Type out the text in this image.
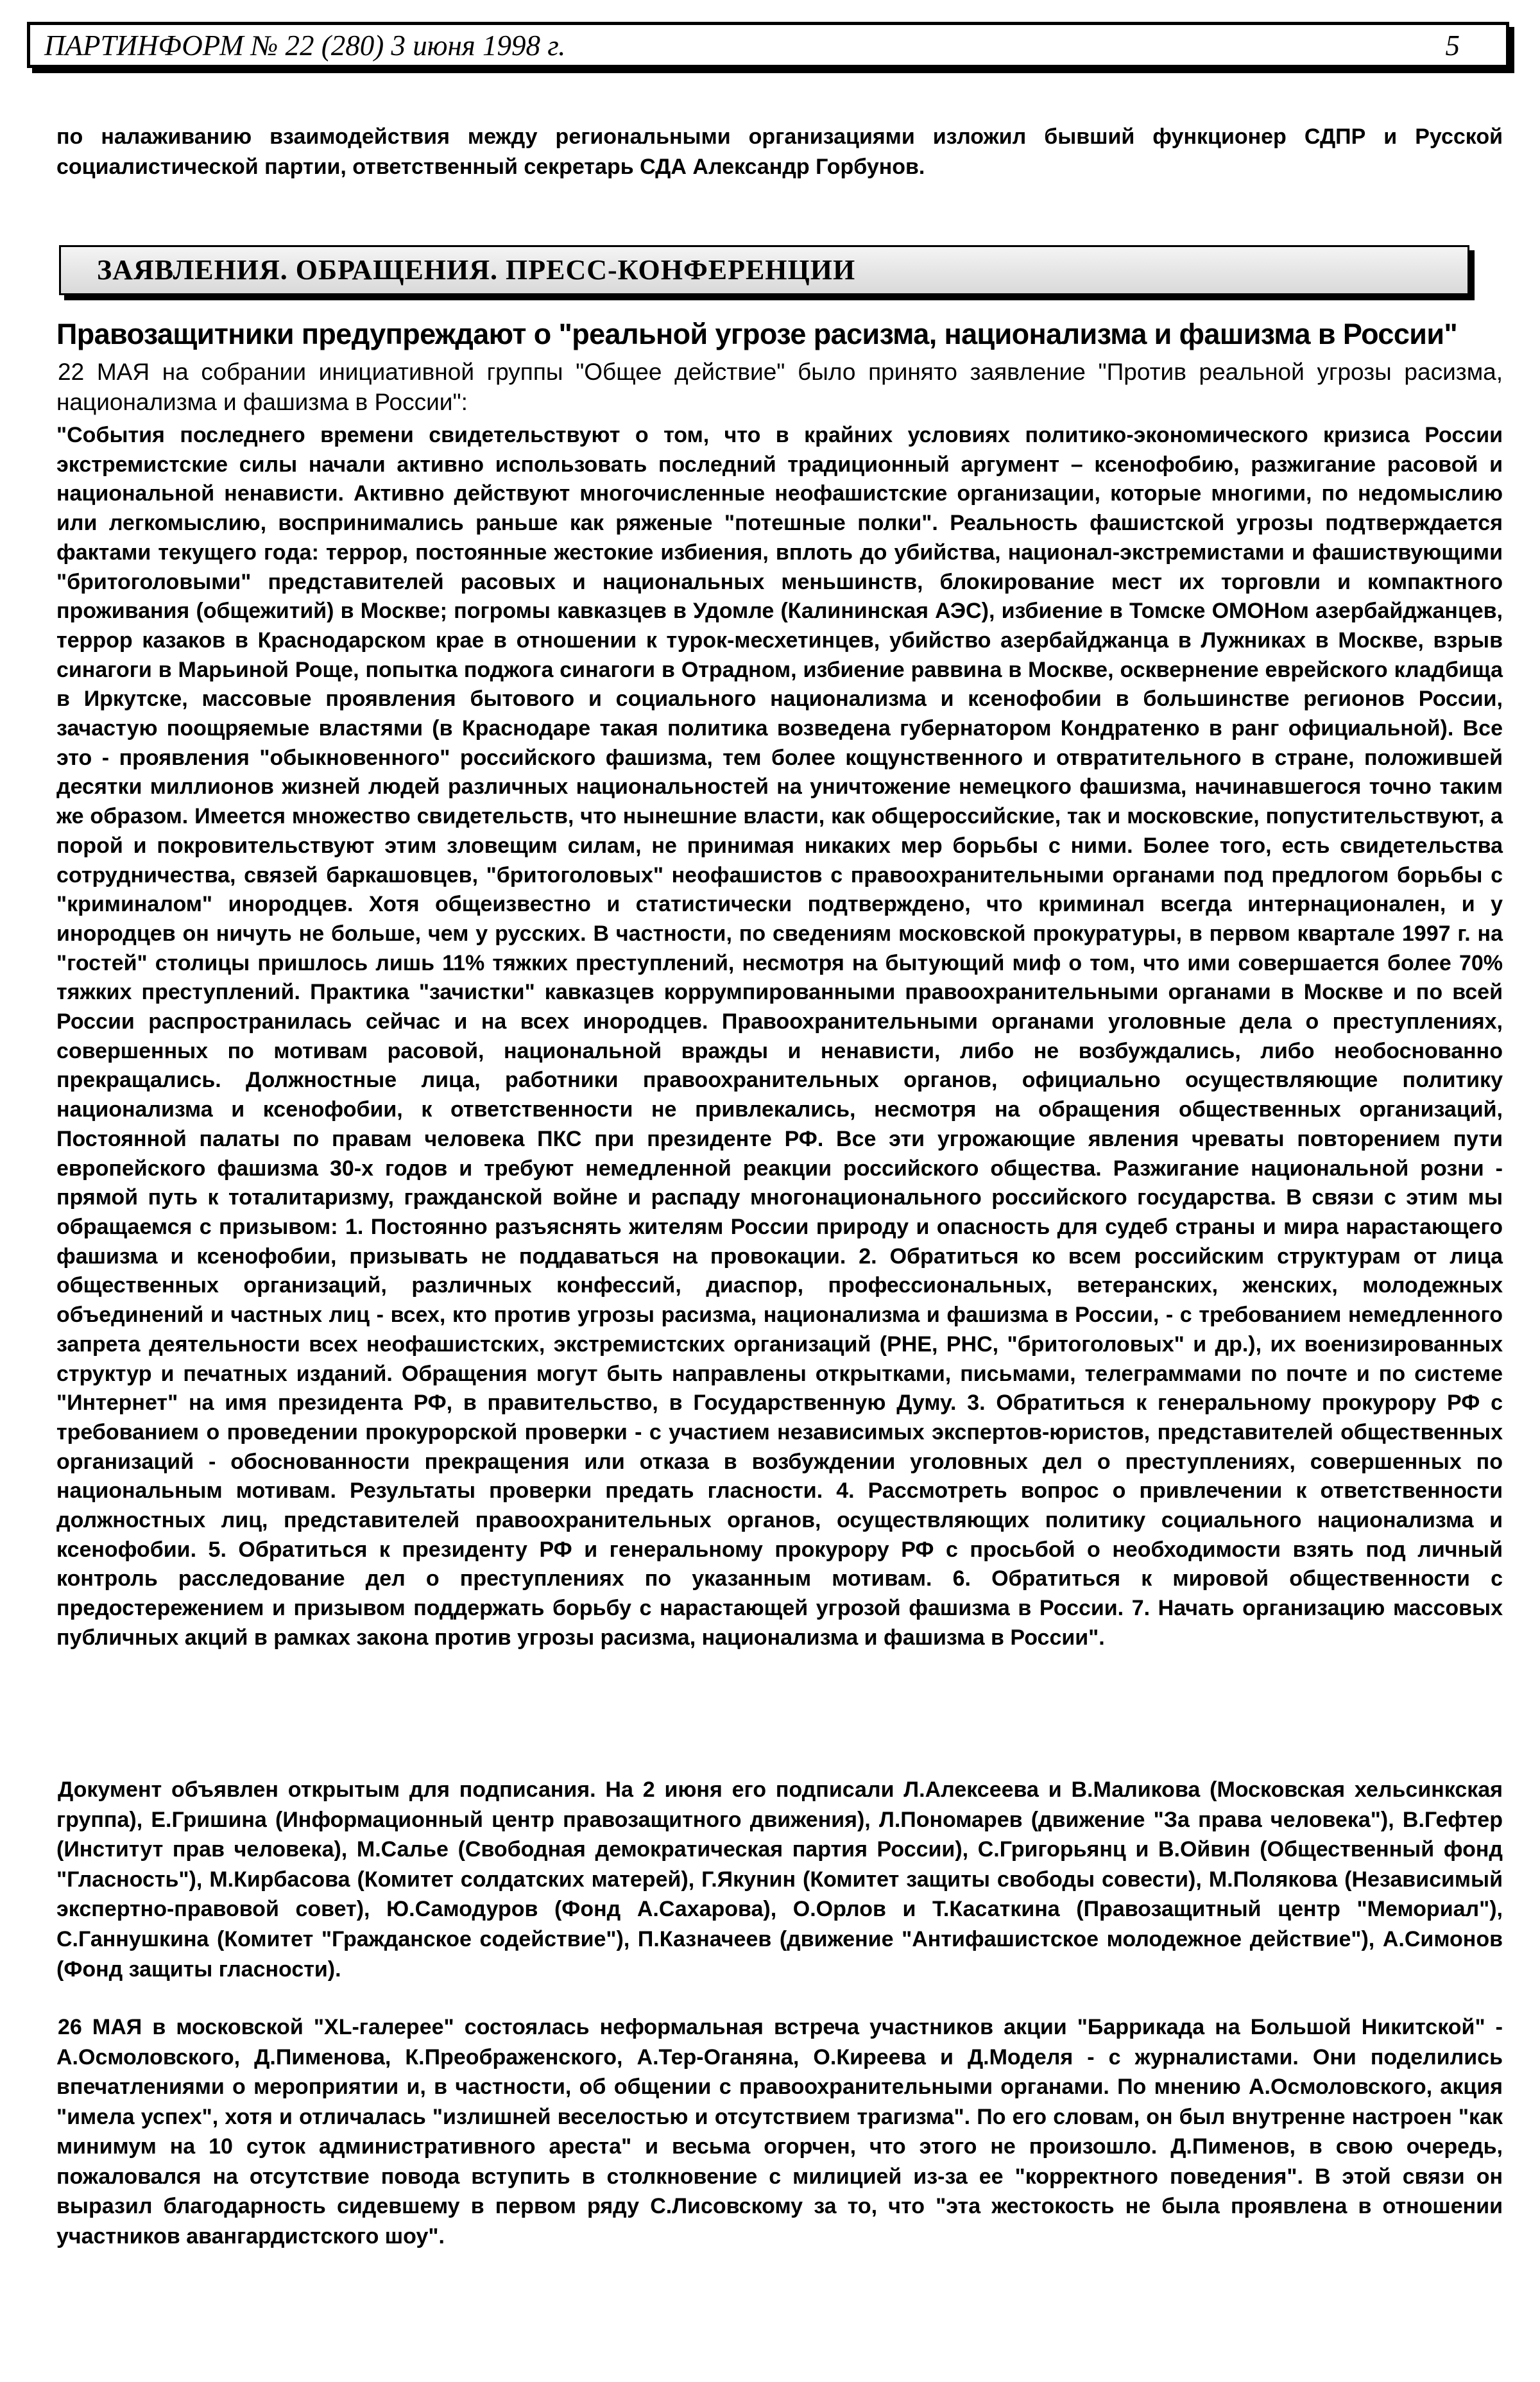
ПАРТИНФОРМ № 22 (280) 3 июня 1998 г.	5

по налаживанию взаимодействия между региональными организациями изложил бывший функционер СДПР и Русской социалистической партии, ответственный секретарь СДА Александр Горбунов.

ЗАЯВЛЕНИЯ. ОБРАЩЕНИЯ. ПРЕСС-КОНФЕРЕНЦИИ
Правозащитники предупреждают о "реальной угрозе расизма, национализма и фашизма в России"

22 МАЯ на собрании инициативной группы "Общее действие" было принято заявление "Против реальной угрозы расизма, национализма и фашизма в России":

"События последнего времени свидетельствуют о том, что в крайних условиях политико-экономического кризиса России экстремистские силы начали активно использовать последний традиционный аргумент – ксенофобию, разжигание расовой и национальной ненависти. Активно действуют многочисленные неофашистские организации, которые многими, по недомыслию или легкомыслию, воспринимались раньше как ряженые "потешные полки". Реальность фашистской угрозы подтверждается фактами текущего года: террор, постоянные жестокие избиения, вплоть до убийства, национал-экстремистами и фашиствующими "бритоголовыми" представителей расовых и национальных меньшинств, блокирование мест их торговли и компактного проживания (общежитий) в Москве; погромы кавказцев в Удомле (Калининская АЭС), избиение в Томске ОМОНом азербайджанцев, террор казаков в Краснодарском крае в отношении к турок-месхетинцев, убийство азербайджанца в Лужниках в Москве, взрыв синагоги в Марьиной Роще, попытка поджога синагоги в Отрадном, избиение раввина в Москве, осквернение еврейского кладбища в Иркутске, массовые проявления бытового и социального национализма и ксенофобии в большинстве регионов России, зачастую поощряемые властями (в Краснодаре такая политика возведена губернатором Кондратенко в ранг официальной). Все это - проявления "обыкновенного" российского фашизма, тем более кощунственного и отвратительного в стране, положившей десятки миллионов жизней людей различных национальностей на уничтожение немецкого фашизма, начинавшегося точно таким же образом. Имеется множество свидетельств, что нынешние власти, как общероссийские, так и московские, попустительствуют, а порой и покровительствуют этим зловещим силам, не принимая никаких мер борьбы с ними. Более того, есть свидетельства сотрудничества, связей баркашовцев, "бритоголовых" неофашистов с правоохранительными органами под предлогом борьбы с "криминалом" инородцев. Хотя общеизвестно и статистически подтверждено, что криминал всегда интернационален, и у инородцев он ничуть не больше, чем у русских. В частности, по сведениям московской прокуратуры, в первом квартале 1997 г. на "гостей" столицы пришлось лишь 11% тяжких преступлений, несмотря на бытующий миф о том, что ими совершается более 70% тяжких преступлений. Практика "зачистки" кавказцев коррумпированными правоохранительными органами в Москве и по всей России распространилась сейчас и на всех инородцев. Правоохранительными органами уголовные дела о преступлениях, совершенных по мотивам расовой, национальной вражды и ненависти, либо не возбуждались, либо необоснованно прекращались. Должностные лица, работники правоохранительных органов, официально осуществляющие политику национализма и ксенофобии, к ответственности не привлекались, несмотря на обращения общественных организаций, Постоянной палаты по правам человека ПКС при президенте РФ. Все эти угрожающие явления чреваты повторением пути европейского фашизма 30-х годов и требуют немедленной реакции российского общества. Разжигание национальной розни - прямой путь к тоталитаризму, гражданской войне и распаду многонационального российского государства. В связи с этим мы обращаемся с призывом: 1. Постоянно разъяснять жителям России природу и опасность для судеб страны и мира нарастающего фашизма и ксенофобии, призывать не поддаваться на провокации. 2. Обратиться ко всем российским структурам от лица общественных организаций, различных конфессий, диаспор, профессиональных, ветеранских, женских, молодежных объединений и частных лиц - всех, кто против угрозы расизма, национализма и фашизма в России, - с требованием немедленного запрета деятельности всех неофашистских, экстремистских организаций (РНЕ, РНС, "бритоголовых" и др.), их военизированных структур и печатных изданий. Обращения могут быть направлены открытками, письмами, телеграммами по почте и по системе "Интернет" на имя президента РФ, в правительство, в Государственную Думу. 3. Обратиться к генеральному прокурору РФ с требованием о проведении прокурорской проверки - с участием независимых экспертов-юристов, представителей общественных организаций - обоснованности прекращения или отказа в возбуждении уголовных дел о преступлениях, совершенных по национальным мотивам. Результаты проверки предать гласности. 4. Рассмотреть вопрос о привлечении к ответственности должностных лиц, представителей правоохранительных органов, осуществляющих политику социального национализма и ксенофобии. 5. Обратиться к президенту РФ и генеральному прокурору РФ с просьбой о необходимости взять под личный контроль расследование дел о преступлениях по указанным мотивам. 6. Обратиться к мировой общественности с предостережением и призывом поддержать борьбу с нарастающей угрозой фашизма в России. 7. Начать организацию массовых публичных акций в рамках закона против угрозы расизма, национализма и фашизма в России".

Документ объявлен открытым для подписания. На 2 июня его подписали Л.Алексеева и В.Маликова (Московская хельсинкская группа), Е.Гришина (Информационный центр правозащитного движения), Л.Пономарев (движение "За права человека"), В.Гефтер (Институт прав человека), М.Салье (Свободная демократическая партия России), С.Григорьянц и В.Ойвин (Общественный фонд "Гласность"), М.Кирбасова (Комитет солдатских матерей), Г.Якунин (Комитет защиты свободы совести), М.Полякова (Независимый экспертно-правовой совет), Ю.Самодуров (Фонд А.Сахарова), О.Орлов и Т.Касаткина (Правозащитный центр "Мемориал"), С.Ганнушкина (Комитет "Гражданское содействие"), П.Казначеев (движение "Антифашистское молодежное действие"), А.Симонов (Фонд защиты гласности).

26 МАЯ в московской "XL-галерее" состоялась неформальная встреча участников акции "Баррикада на Большой Никитской" - А.Осмоловского, Д.Пименова, К.Преображенского, А.Тер-Оганяна, О.Киреева и Д.Моделя - с журналистами. Они поделились впечатлениями о мероприятии и, в частности, об общении с правоохранительными органами. По мнению А.Осмоловского, акция "имела успех", хотя и отличалась "излишней веселостью и отсутствием трагизма". По его словам, он был внутренне настроен "как минимум на 10 суток административного ареста" и весьма огорчен, что этого не произошло. Д.Пименов, в свою очередь, пожаловался на отсутствие повода вступить в столкновение с милицией из-за ее "корректного поведения". В этой связи он выразил благодарность сидевшему в первом ряду С.Лисовскому за то, что "эта жестокость не была проявлена в отношении участников авангардистского шоу".
